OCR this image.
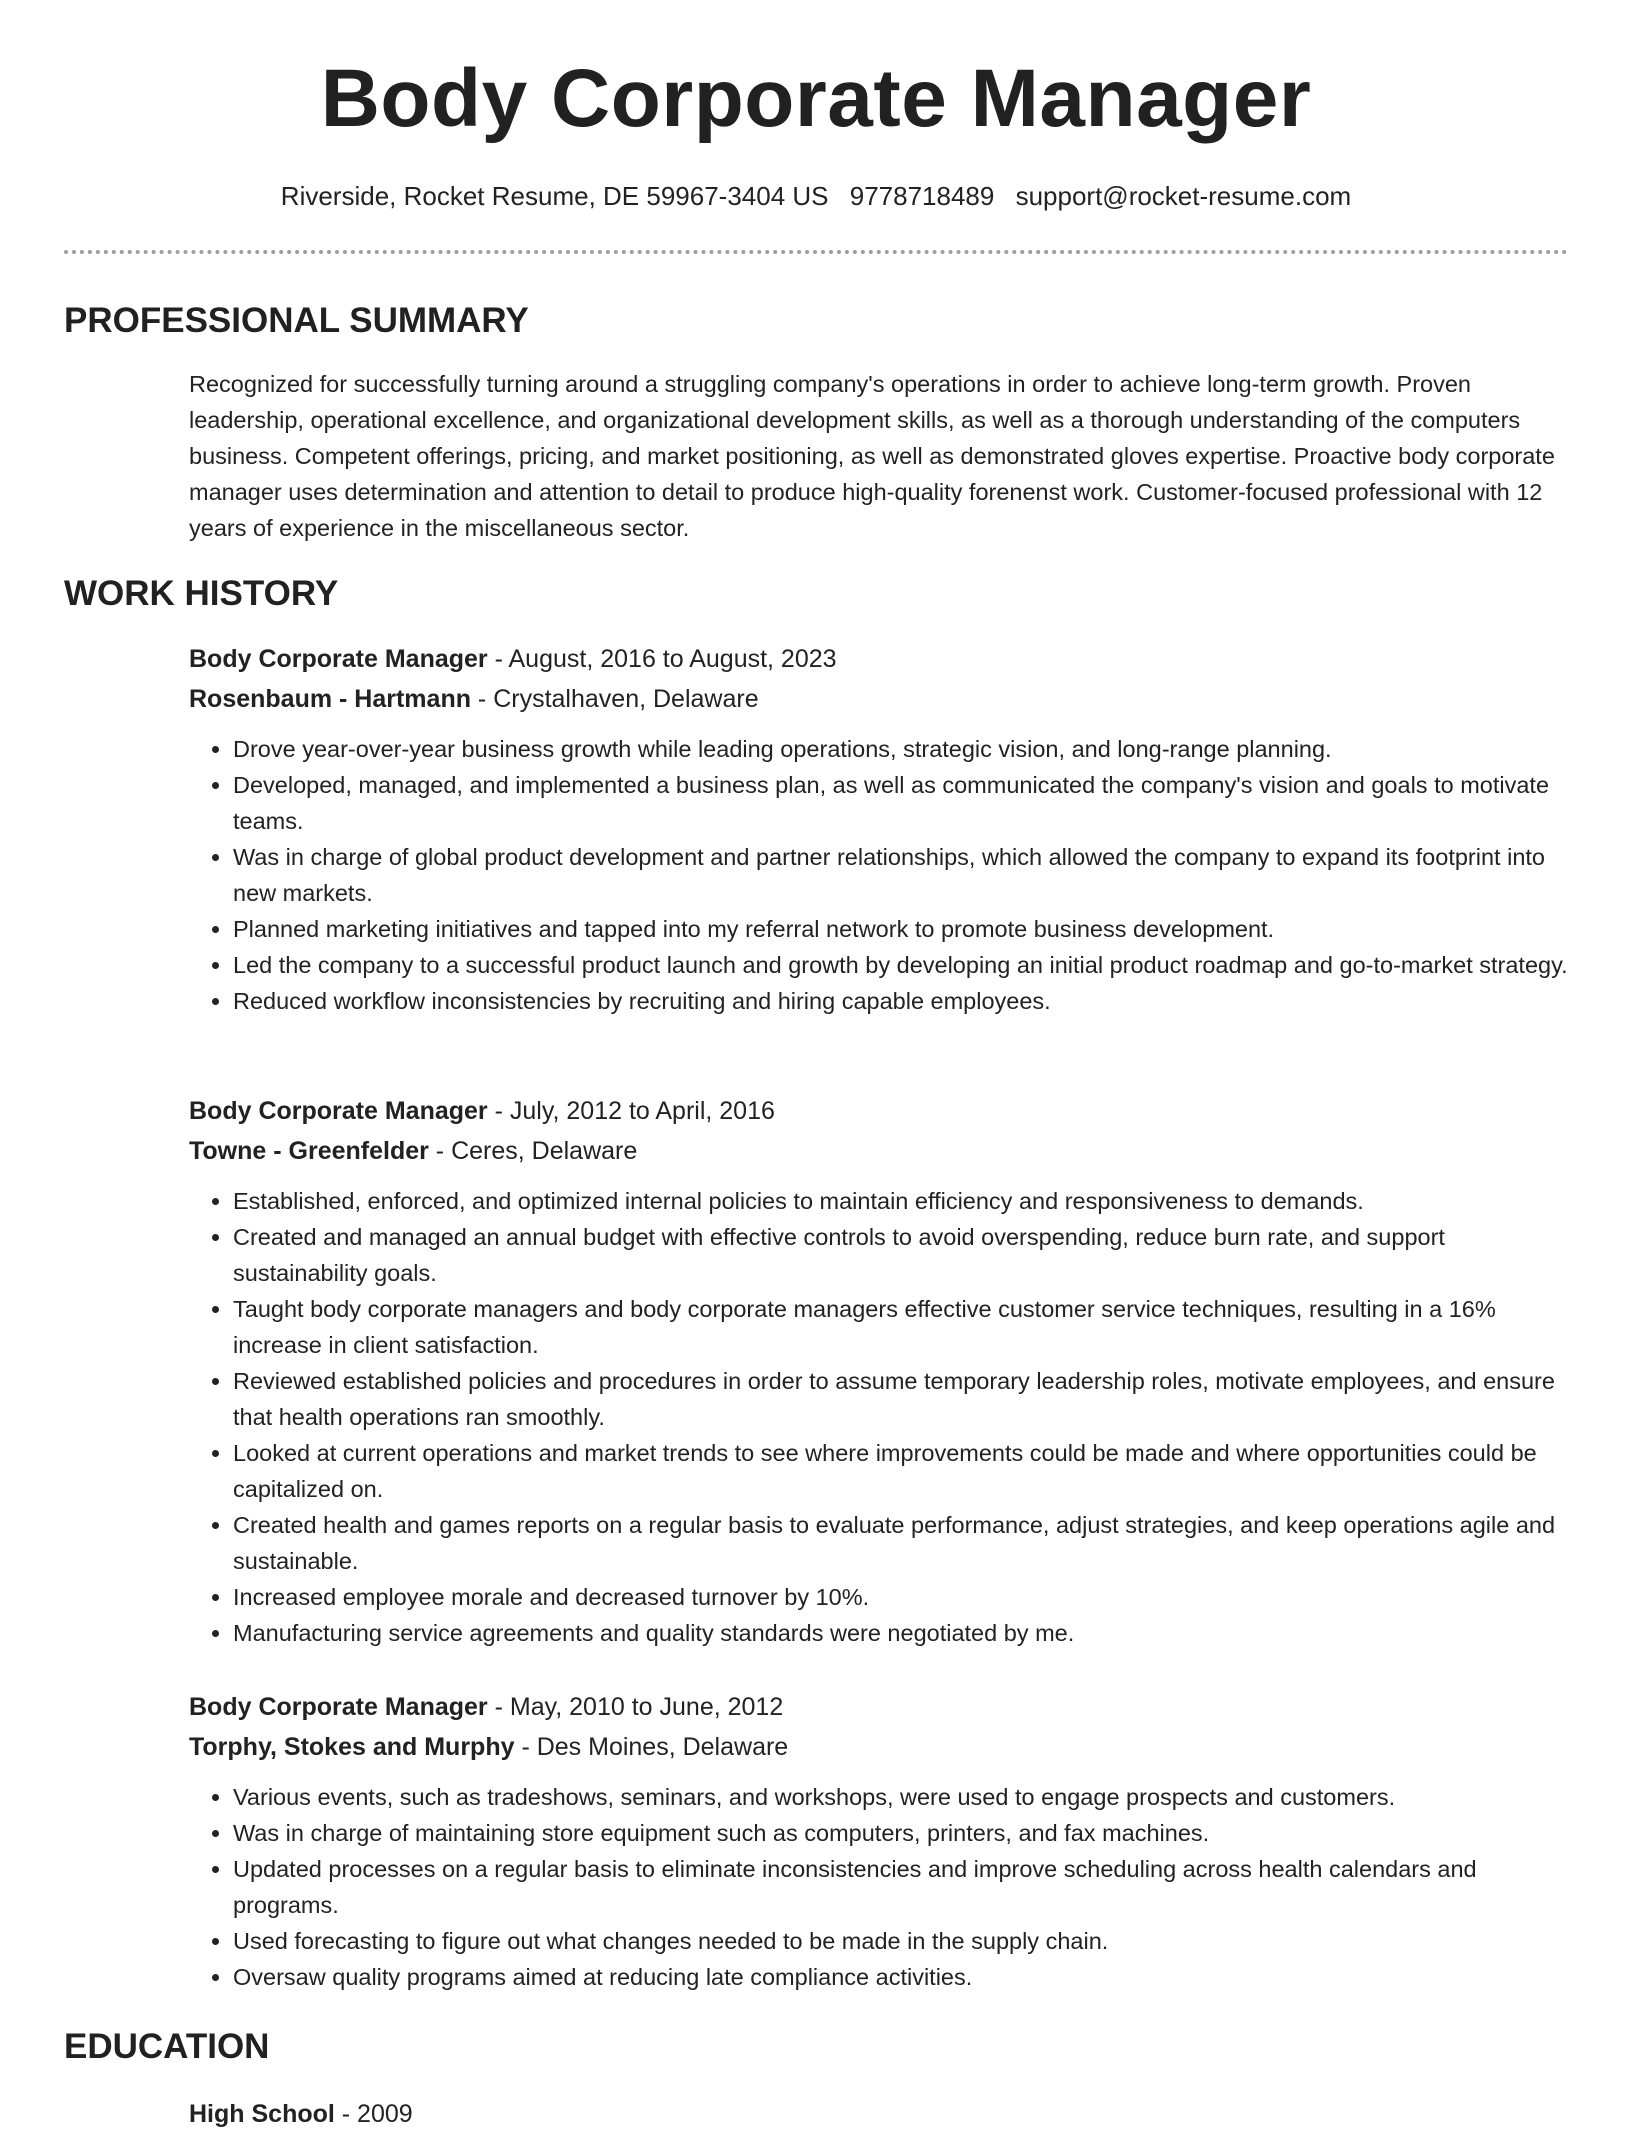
Body Corporate Manager
Riverside, Rocket Resume, DE 59967-3404 US 9778718489 support@rocket-resume.com
PROFESSIONAL SUMMARY
Recognized for successfully turning around a struggling company's operations in order to achieve long-term growth. Proven leadership, operational excellence, and organizational development skills, as well as a thorough understanding of the computers business. Competent offerings, pricing, and market positioning, as well as demonstrated gloves expertise. Proactive body corporate manager uses determination and attention to detail to produce high-quality forenenst work. Customer-focused professional with 12 years of experience in the miscellaneous sector.
WORK HISTORY
Body Corporate Manager - August, 2016 to August, 2023
Rosenbaum - Hartmann - Crystalhaven, Delaware
• Drove year-over-year business growth while leading operations, strategic vision, and long-range planning.
• Developed, managed, and implemented a business plan, as well as communicated the company's vision and goals to motivate teams.
• Was in charge of global product development and partner relationships, which allowed the company to expand its footprint into new markets.
• Planned marketing initiatives and tapped into my referral network to promote business development.
• Led the company to a successful product launch and growth by developing an initial product roadmap and go-to-market strategy.
• Reduced workflow inconsistencies by recruiting and hiring capable employees.
Body Corporate Manager - July, 2012 to April, 2016
Towne - Greenfelder - Ceres, Delaware
• Established, enforced, and optimized internal policies to maintain efficiency and responsiveness to demands.
• Created and managed an annual budget with effective controls to avoid overspending, reduce burn rate, and support sustainability goals.
• Taught body corporate managers and body corporate managers effective customer service techniques, resulting in a 16% increase in client satisfaction.
• Reviewed established policies and procedures in order to assume temporary leadership roles, motivate employees, and ensure that health operations ran smoothly.
• Looked at current operations and market trends to see where improvements could be made and where opportunities could be capitalized on.
• Created health and games reports on a regular basis to evaluate performance, adjust strategies, and keep operations agile and sustainable.
• Increased employee morale and decreased turnover by 10%.
• Manufacturing service agreements and quality standards were negotiated by me.
Body Corporate Manager - May, 2010 to June, 2012
Torphy, Stokes and Murphy - Des Moines, Delaware
• Various events, such as tradeshows, seminars, and workshops, were used to engage prospects and customers.
• Was in charge of maintaining store equipment such as computers, printers, and fax machines.
• Updated processes on a regular basis to eliminate inconsistencies and improve scheduling across health calendars and programs.
• Used forecasting to figure out what changes needed to be made in the supply chain.
• Oversaw quality programs aimed at reducing late compliance activities.
EDUCATION
High School - 2009
